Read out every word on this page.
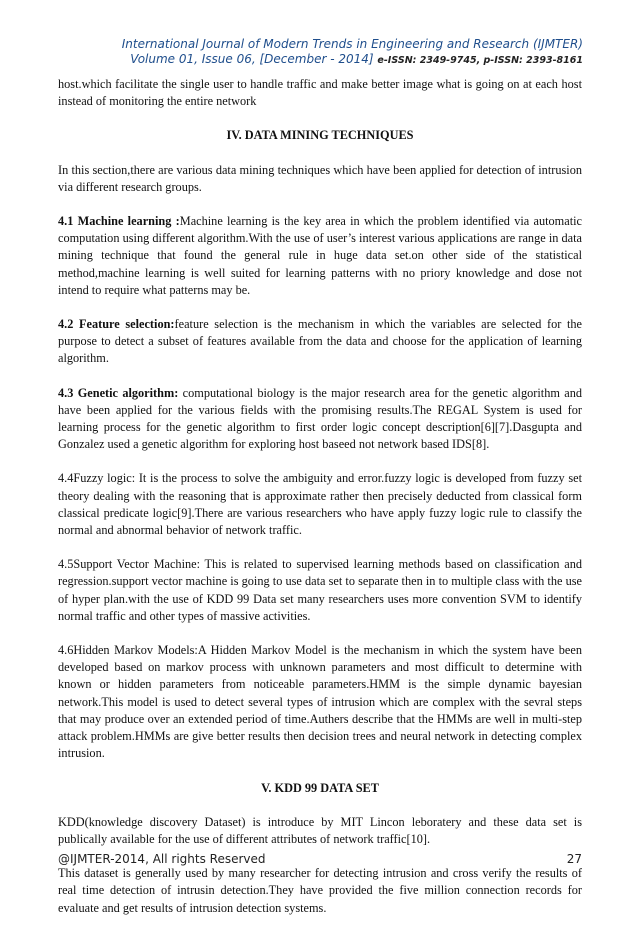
International Journal of Modern Trends in Engineering and Research (IJMTER)
Volume 01, Issue 06, [December - 2014] e-ISSN: 2349-9745, p-ISSN: 2393-8161

host.which facilitate the single user to handle traffic and make better image what is going on at each host instead of monitoring the entire network

IV. DATA MINING TECHNIQUES

In this section,there are various data mining techniques which have been applied for detection of intrusion via different research groups.

4.1 Machine learning :Machine learning is the key area in which the problem identified via automatic computation using different algorithm.With the use of user’s interest various applications are range in data mining technique that found the general rule in huge data set.on other side of the statistical method,machine learning is well suited for learning patterns with no priory knowledge and dose not intend to require what patterns may be.

4.2 Feature selection:feature selection is the mechanism in which the variables are selected for the purpose to detect a subset of features available from the data and choose for the application of learning algorithm.

4.3 Genetic algorithm: computational biology is the major research area for the genetic algorithm and have been applied for the various fields with the promising results.The REGAL System is used for learning process for the genetic algorithm to first order logic concept description[6][7].Dasgupta and Gonzalez used a genetic algorithm for exploring host baseed not network based IDS[8].

4.4Fuzzy logic: It is the process to solve the ambiguity and error.fuzzy logic is developed from fuzzy set theory dealing with the reasoning that is approximate rather then precisely deducted from classical form classical predicate logic[9].There are various researchers who have apply fuzzy logic rule to classify the normal and abnormal behavior of network traffic.

4.5Support Vector Machine: This is related to supervised learning methods based on classification and regression.support vector machine is going to use data set to separate then in to multiple class with the use of hyper plan.with the use of KDD 99 Data set many researchers uses more convention SVM to identify normal traffic and other types of massive activities.

4.6Hidden Markov Models:A Hidden Markov Model is the mechanism in which the system have been developed based on markov process with unknown parameters and most difficult to determine with known or hidden parameters from noticeable parameters.HMM is the simple dynamic bayesian network.This model is used to detect several types of intrusion which are complex with the sevral steps that may produce over an extended period of time.Authers describe that the HMMs are well in multi-step attack problem.HMMs are give better results then decision trees and neural network in detecting complex intrusion.

V. KDD 99 DATA SET

KDD(knowledge discovery Dataset) is introduce by MIT Lincon leboratery and these data set is publically available for the use of different attributes of network traffic[10].

This dataset is generally used by many researcher for detecting intrusion and cross verify the results of real time detection of intrusin detection.They have provided the five million connection records for evaluate and get results of intrusion detection systems.

@IJMTER-2014, All rights Reserved	27
